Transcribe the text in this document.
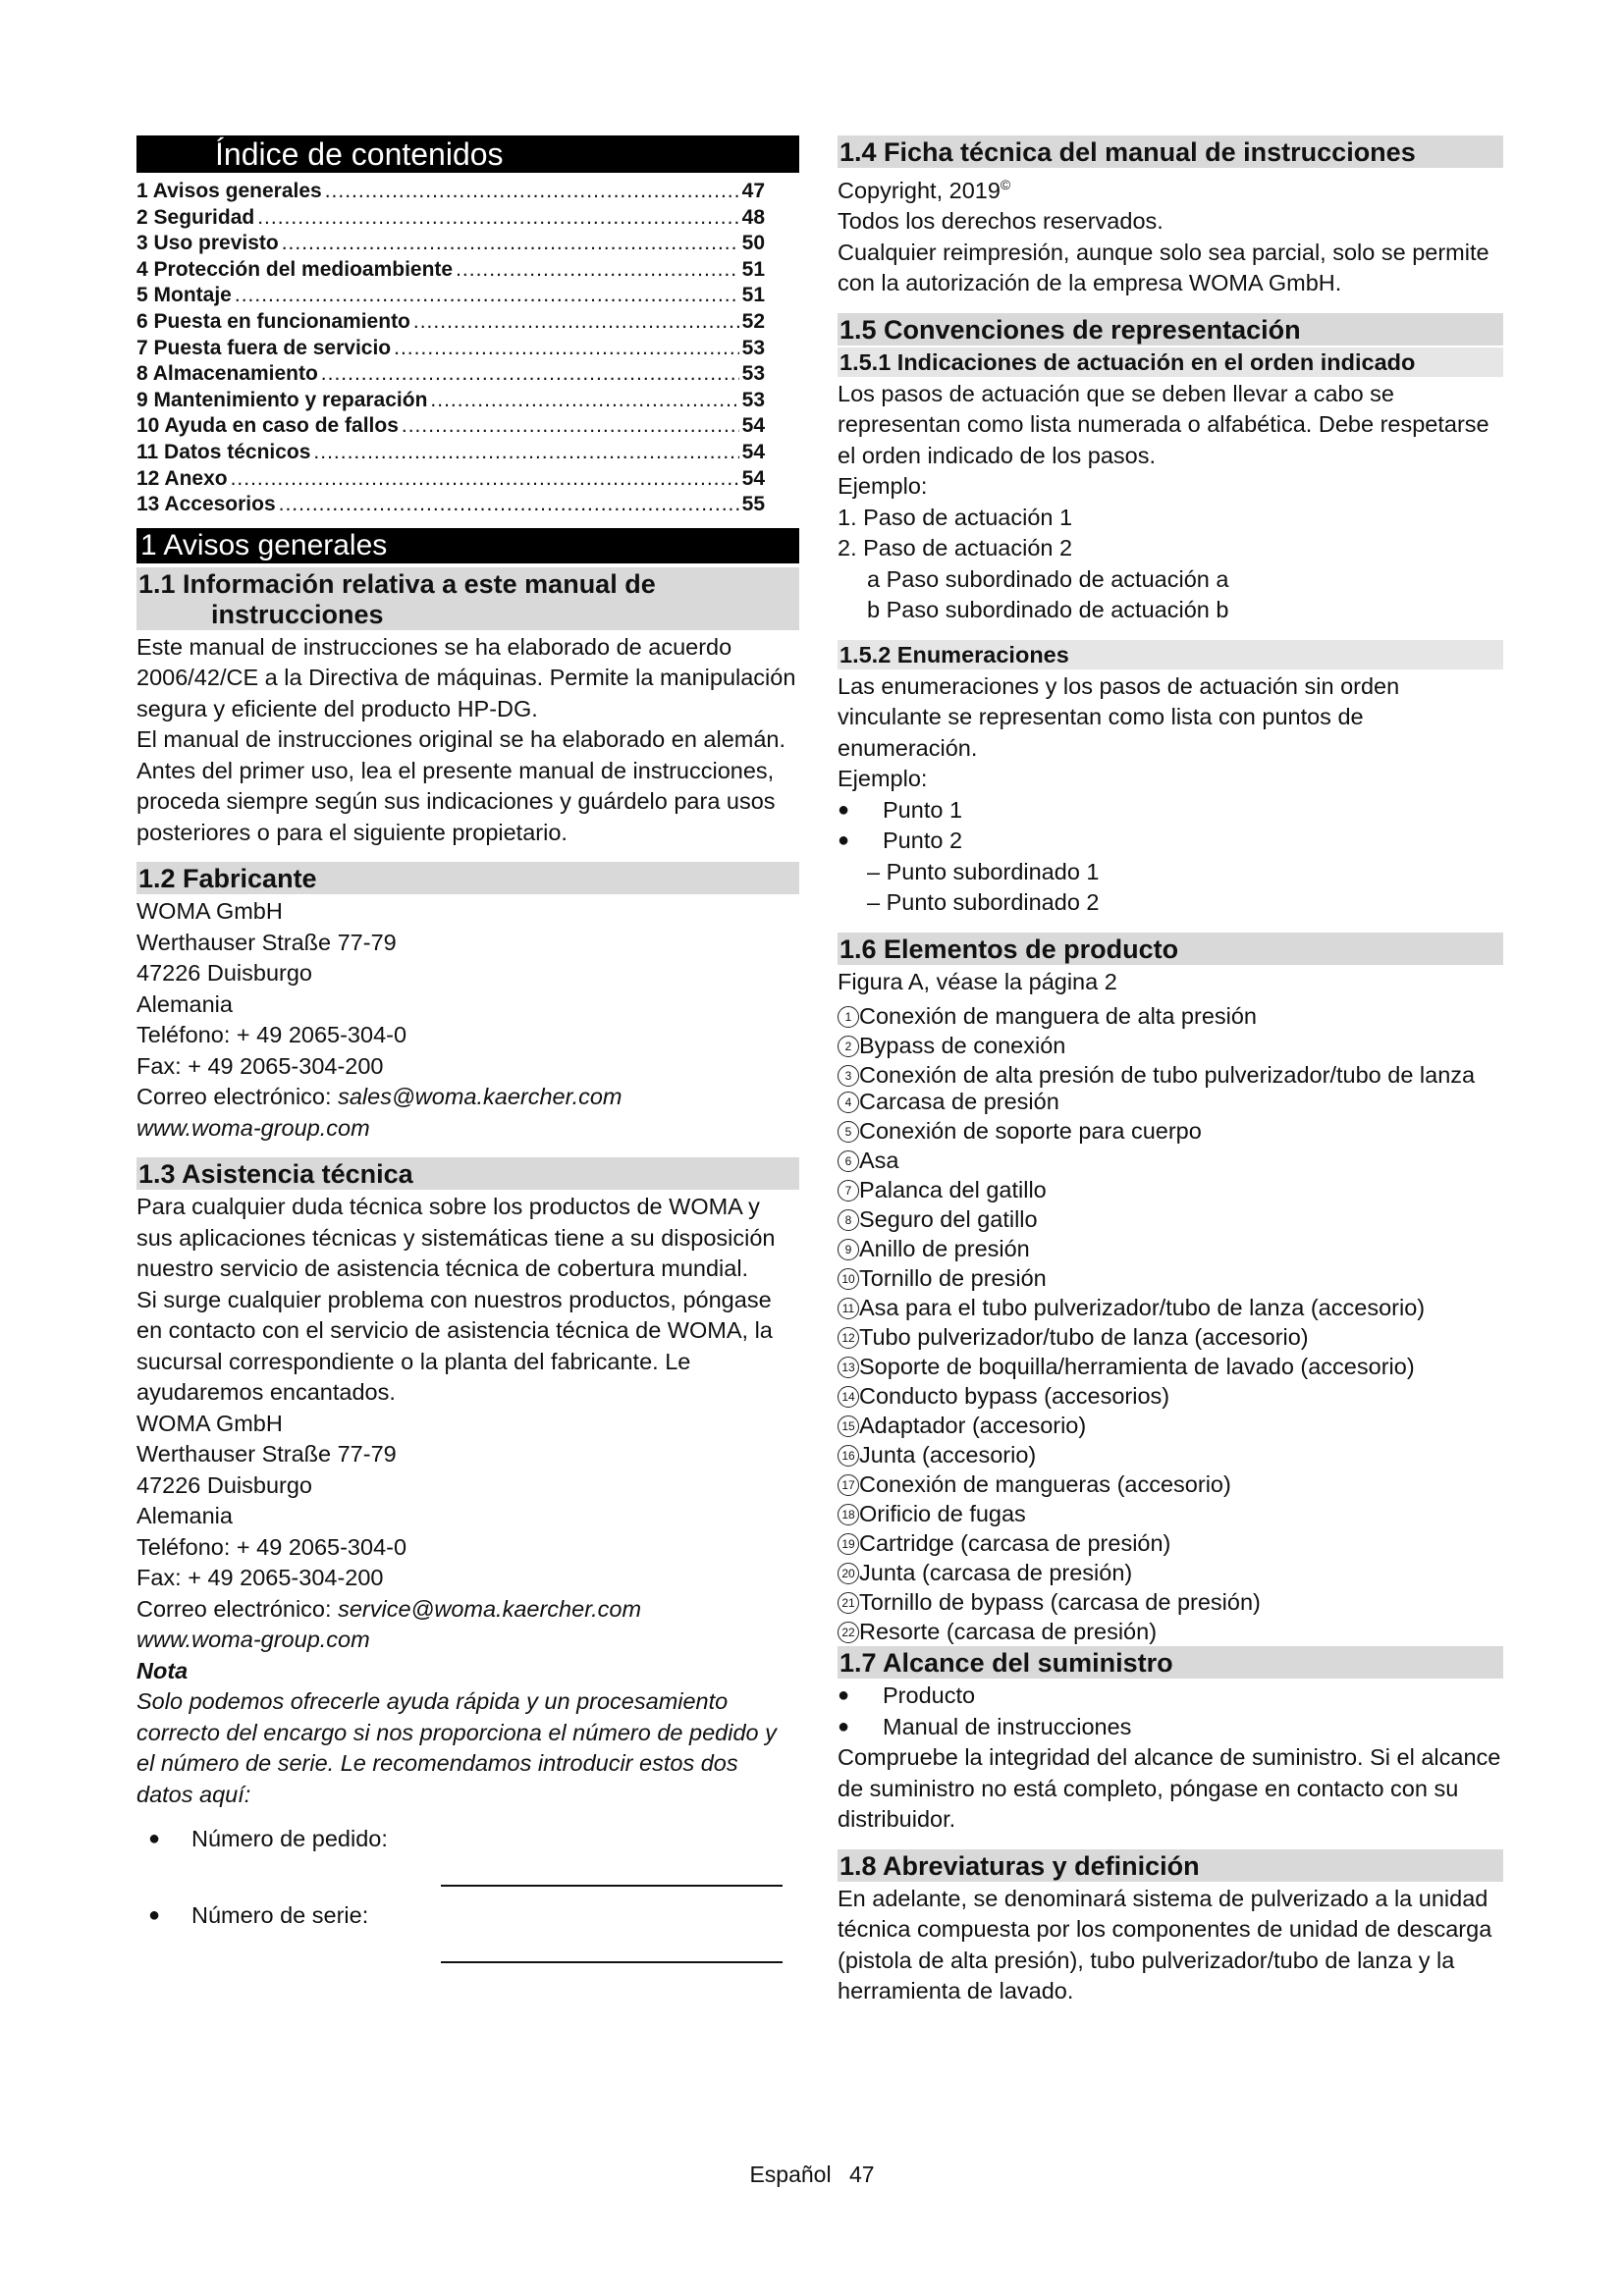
Índice de contenidos
1 Avisos generales .....	47
2 Seguridad .....	48
3 Uso previsto .....	50
4 Protección del medioambiente .....	51
5 Montaje .....	51
6 Puesta en funcionamiento .....	52
7 Puesta fuera de servicio .....	53
8 Almacenamiento .....	53
9 Mantenimiento y reparación .....	53
10 Ayuda en caso de fallos .....	54
11 Datos técnicos .....	54
12 Anexo .....	54
13 Accesorios .....	55
1 Avisos generales
1.1 Información relativa a este manual de
instrucciones

Este manual de instrucciones se ha elaborado de acuerdo 2006/42/CE a la Directiva de máquinas. Permite la manipulación segura y eficiente del producto HP-DG.

El manual de instrucciones original se ha elaborado en alemán.

Antes del primer uso, lea el presente manual de instrucciones, proceda siempre según sus indicaciones y guárdelo para usos posteriores o para el siguiente propietario.

1.2 Fabricante
WOMA GmbH
Werthauser Straße 77-79
47226 Duisburgo
Alemania
Teléfono: + 49 2065-304-0
Fax: + 49 2065-304-200
Correo electrónico: sales@woma.kaercher.com
www.woma-group.com
1.3 Asistencia técnica

Para cualquier duda técnica sobre los productos de WOMA y sus aplicaciones técnicas y sistemáticas tiene a su disposición nuestro servicio de asistencia técnica de cobertura mundial.

Si surge cualquier problema con nuestros productos, póngase en contacto con el servicio de asistencia técnica de WOMA, la sucursal correspondiente o la planta del fabricante. Le ayudaremos encantados.

WOMA GmbH
Werthauser Straße 77-79
47226 Duisburgo
Alemania
Teléfono: + 49 2065-304-0
Fax: + 49 2065-304-200
Correo electrónico: service@woma.kaercher.com
www.woma-group.com
Nota

Solo podemos ofrecerle ayuda rápida y un procesamiento correcto del encargo si nos proporciona el número de pedido y el número de serie. Le recomendamos introducir estos dos datos aquí:

● Número de pedido:
● Número de serie:
1.4 Ficha técnica del manual de instrucciones
Copyright, 2019©

Todos los derechos reservados.

Cualquier reimpresión, aunque solo sea parcial, solo se permite con la autorización de la empresa WOMA GmbH.

1.5 Convenciones de representación
1.5.1 Indicaciones de actuación en el orden indicado

Los pasos de actuación que se deben llevar a cabo se representan como lista numerada o alfabética. Debe respetarse el orden indicado de los pasos.

Ejemplo:
1. Paso de actuación 1
2. Paso de actuación 2
a Paso subordinado de actuación a
b Paso subordinado de actuación b
1.5.2 Enumeraciones

Las enumeraciones y los pasos de actuación sin orden vinculante se representan como lista con puntos de enumeración.

Ejemplo:
●	Punto 1
●	Punto 2
– Punto subordinado 1
– Punto subordinado 2
1.6 Elementos de producto
Figura A, véase la página 2
1 Conexión de manguera de alta presión
2 Bypass de conexión
3 Conexión de alta presión de tubo pulverizador/tubo de lanza
4 Carcasa de presión
5 Conexión de soporte para cuerpo
6 Asa
7 Palanca del gatillo
8 Seguro del gatillo
9 Anillo de presión
10 Tornillo de presión
11 Asa para el tubo pulverizador/tubo de lanza (accesorio)
12 Tubo pulverizador/tubo de lanza (accesorio)
13 Soporte de boquilla/herramienta de lavado (accesorio)
14 Conducto bypass (accesorios)
15 Adaptador (accesorio)
16 Junta (accesorio)
17 Conexión de mangueras (accesorio)
18 Orificio de fugas
19 Cartridge (carcasa de presión)
20 Junta (carcasa de presión)
21 Tornillo de bypass (carcasa de presión)
22 Resorte (carcasa de presión)
1.7 Alcance del suministro
●	Producto
●	Manual de instrucciones

Compruebe la integridad del alcance de suministro. Si el alcance de suministro no está completo, póngase en contacto con su distribuidor.

1.8 Abreviaturas y definición

En adelante, se denominará sistema de pulverizado a la unidad técnica compuesta por los componentes de unidad de descarga (pistola de alta presión), tubo pulverizador/tubo de lanza y la herramienta de lavado.

Español 47
